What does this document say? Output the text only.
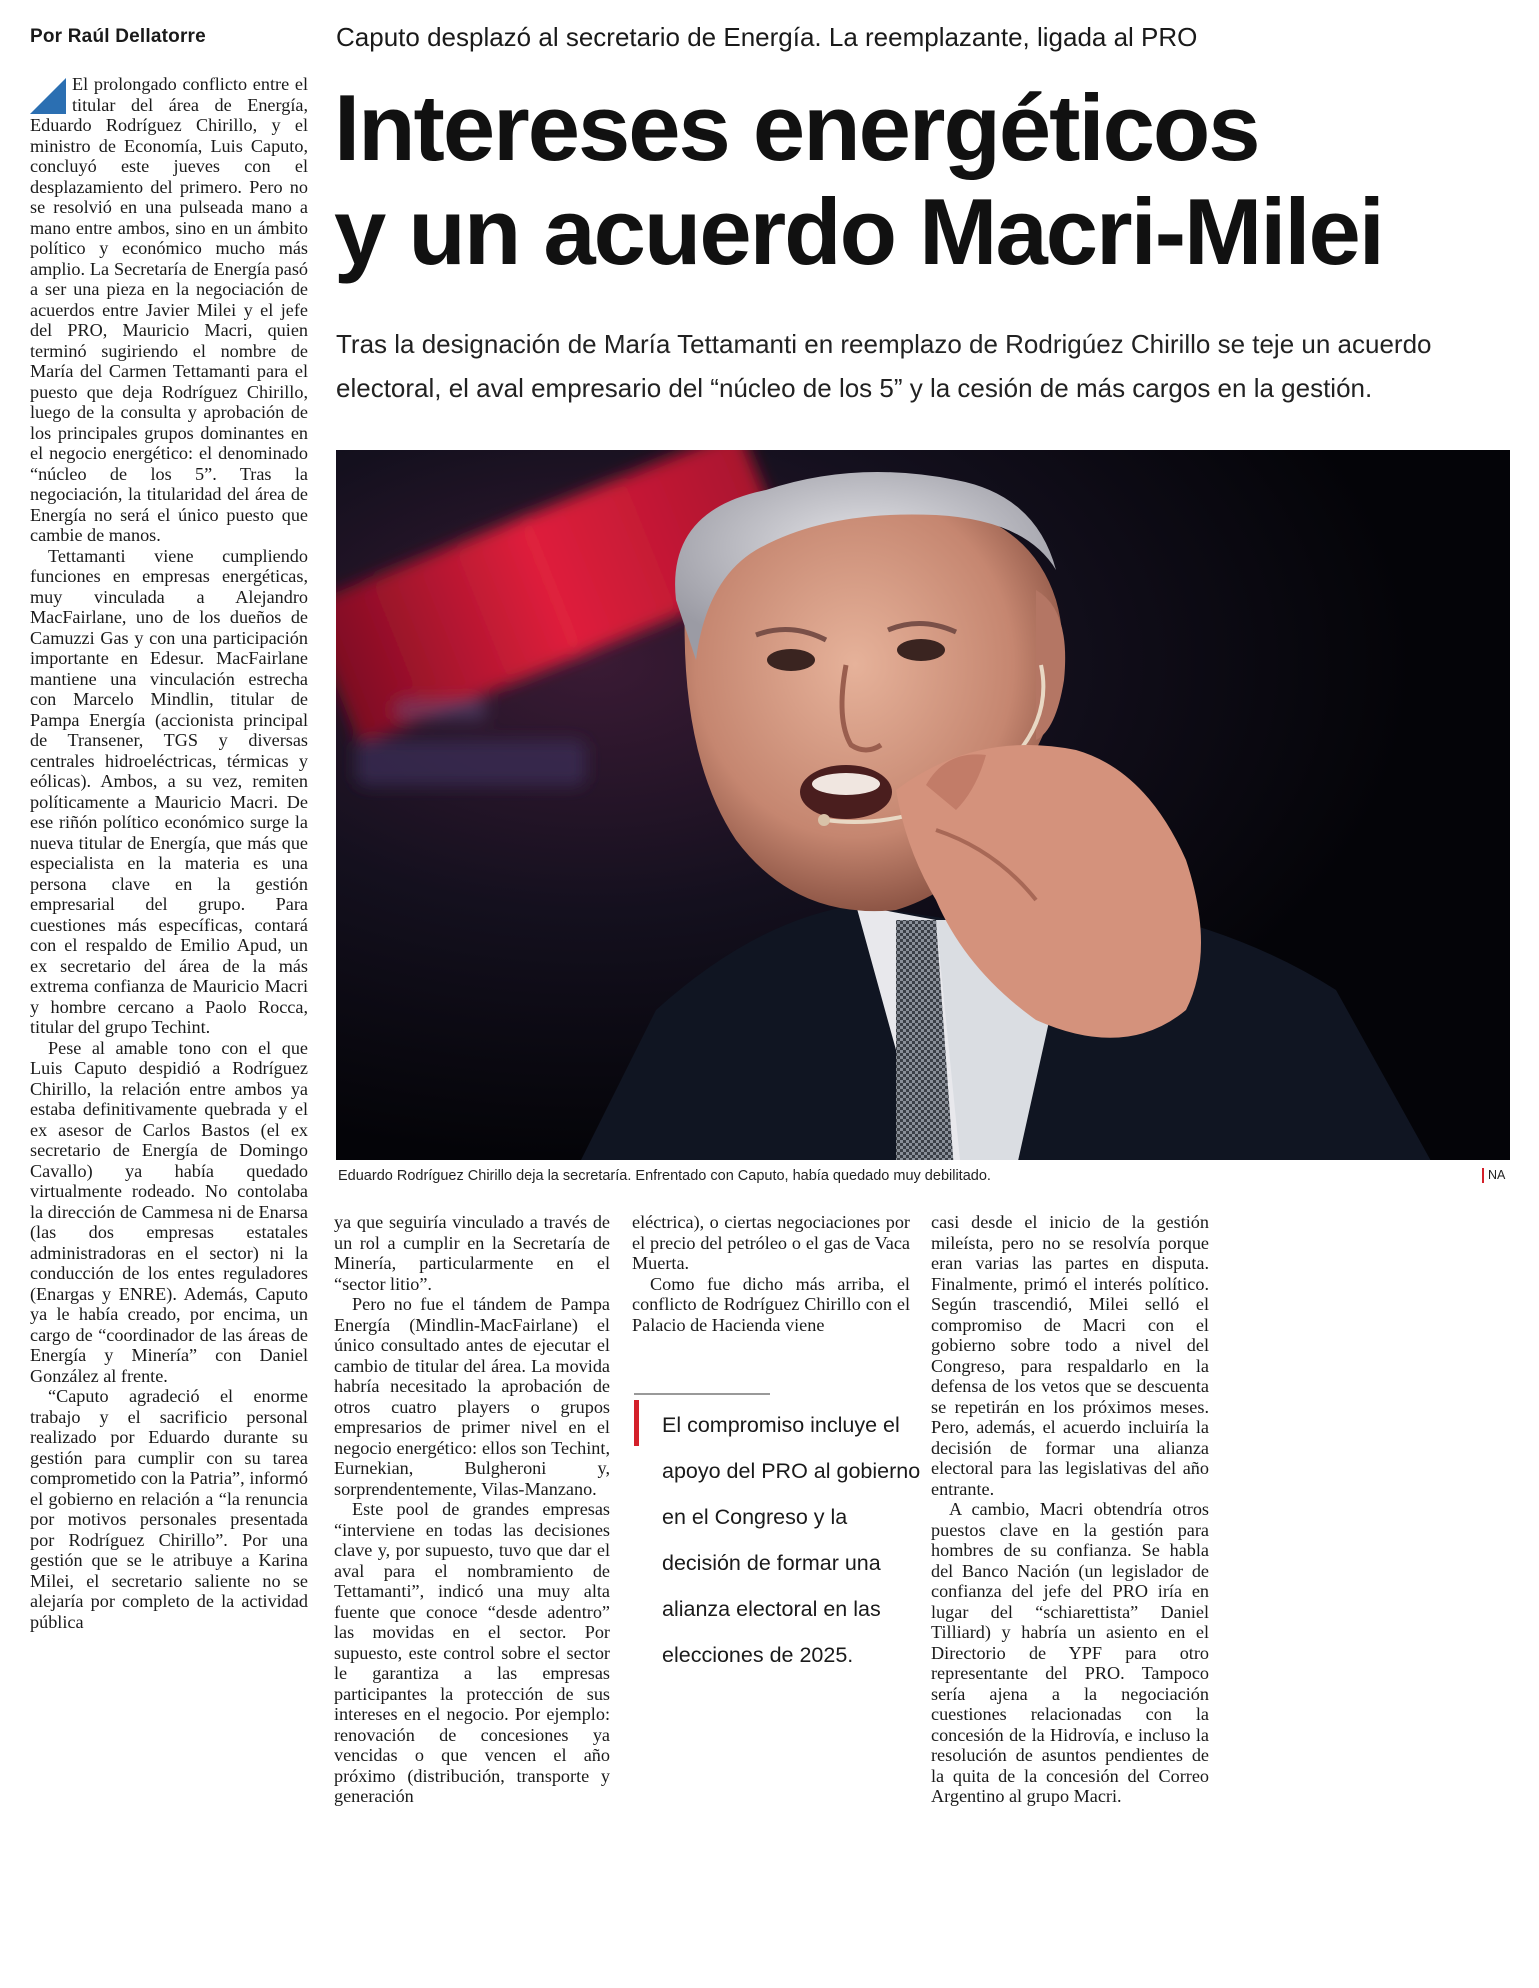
Por Raúl Dellatorre	Caputo desplazó al secretario de Energía. La reemplazante, ligada al PRO
Intereses energéticos
y un acuerdo Macri-Milei

Tras la designación de María Tettamanti en reemplazo de Rodrigúez Chirillo se teje un acuerdo electoral, el aval empresario del “núcleo de los 5” y la cesión de más cargos en la gestión.

Eduardo Rodríguez Chirillo deja la secretaría. Enfrentado con Caputo, había quedado muy debilitado.	NA

El prolongado conflicto entre el titular del área de Energía, Eduardo Rodríguez Chirillo, y el ministro de Economía, Luis Caputo, concluyó este jueves con el desplazamiento del primero. Pero no se resolvió en una pulseada mano a mano entre ambos, sino en un ámbito político y económico mucho más amplio. La Secretaría de Energía pasó a ser una pieza en la negociación de acuerdos entre Javier Milei y el jefe del PRO, Mauricio Macri, quien terminó sugiriendo el nombre de María del Carmen Tettamanti para el puesto que deja Rodríguez Chirillo, luego de la consulta y aprobación de los principales grupos dominantes en el negocio energético: el denominado “núcleo de los 5”. Tras la negociación, la titularidad del área de Energía no será el único puesto que cambie de manos.

Tettamanti viene cumpliendo funciones en empresas energéticas, muy vinculada a Alejandro MacFairlane, uno de los dueños de Camuzzi Gas y con una participación importante en Edesur. MacFairlane mantiene una vinculación estrecha con Marcelo Mindlin, titular de Pampa Energía (accionista principal de Transener, TGS y diversas centrales hidroeléctricas, térmicas y eólicas). Ambos, a su vez, remiten políticamente a Mauricio Macri. De ese riñón político económico surge la nueva titular de Energía, que más que especialista en la materia es una persona clave en la gestión empresarial del grupo. Para cuestiones más específicas, contará con el respaldo de Emilio Apud, un ex secretario del área de la más extrema confianza de Mauricio Macri y hombre cercano a Paolo Rocca, titular del grupo Techint.

Pese al amable tono con el que Luis Caputo despidió a Rodríguez Chirillo, la relación entre ambos ya estaba definitivamente quebrada y el ex asesor de Carlos Bastos (el ex secretario de Energía de Domingo Cavallo) ya había quedado virtualmente rodeado. No contolaba la dirección de Cammesa ni de Enarsa (las dos empresas estatales administradoras en el sector) ni la conducción de los entes reguladores (Enargas y ENRE). Además, Caputo ya le había creado, por encima, un cargo de “coordinador de las áreas de Energía y Minería” con Daniel González al frente.

“Caputo agradeció el enorme trabajo y el sacrificio personal realizado por Eduardo durante su gestión para cumplir con su tarea comprometido con la Patria”, informó el gobierno en relación a “la renuncia por motivos personales presentada por Rodríguez Chirillo”. Por una gestión que se le atribuye a Karina Milei, el secretario saliente no se alejaría por completo de la actividad pública

ya que seguiría vinculado a través de un rol a cumplir en la Secretaría de Minería, particularmente en el “sector litio”.

Pero no fue el tándem de Pampa Energía (Mindlin-MacFairlane) el único consultado antes de ejecutar el cambio de titular del área. La movida habría necesitado la aprobación de otros cuatro players o grupos empresarios de primer nivel en el negocio energético: ellos son Techint, Eurnekian, Bulgheroni y, sorprendentemente, Vilas-Manzano.

Este pool de grandes empresas “interviene en todas las decisiones clave y, por supuesto, tuvo que dar el aval para el nombramiento de Tettamanti”, indicó una muy alta fuente que conoce “desde adentro” las movidas en el sector. Por supuesto, este control sobre el sector le garantiza a las empresas participantes la protección de sus intereses en el negocio. Por ejemplo: renovación de concesiones ya vencidas o que vencen el año próximo (distribución, transporte y generación

eléctrica), o ciertas negociaciones por el precio del petróleo o el gas de Vaca Muerta.

Como fue dicho más arriba, el conflicto de Rodríguez Chirillo con el Palacio de Hacienda viene

El compromiso incluye el apoyo del PRO al gobierno en el Congreso y la decisión de formar una alianza electoral en las elecciones de 2025.

casi desde el inicio de la gestión mileísta, pero no se resolvía porque eran varias las partes en disputa. Finalmente, primó el interés político. Según trascendió, Milei selló el compromiso de Macri con el gobierno sobre todo a nivel del Congreso, para respaldarlo en la defensa de los vetos que se descuenta se repetirán en los próximos meses. Pero, además, el acuerdo incluiría la decisión de formar una alianza electoral para las legislativas del año entrante.

A cambio, Macri obtendría otros puestos clave en la gestión para hombres de su confianza. Se habla del Banco Nación (un legislador de confianza del jefe del PRO iría en lugar del “schiarettista” Daniel Tilliard) y habría un asiento en el Directorio de YPF para otro representante del PRO. Tampoco sería ajena a la negociación cuestiones relacionadas con la concesión de la Hidrovía, e incluso la resolución de asuntos pendientes de la quita de la concesión del Correo Argentino al grupo Macri.
